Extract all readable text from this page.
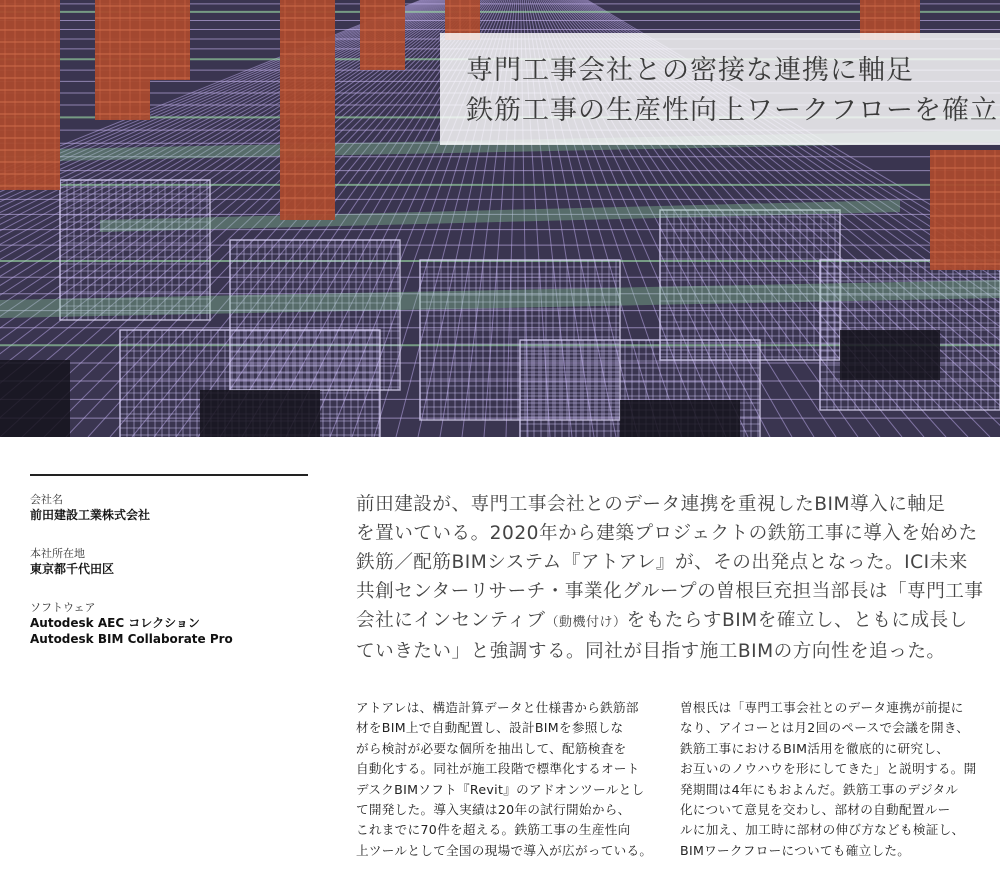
専門工事会社との密接な連携に軸足
鉄筋工事の生産性向上ワークフローを確立
会社名
前田建設工業株式会社
本社所在地
東京都千代田区
ソフトウェア
Autodesk AEC コレクション
Autodesk BIM Collaborate Pro

前田建設が、専門工事会社とのデータ連携を重視したBIM導入に軸足

を置いている。2020年から建築プロジェクトの鉄筋工事に導入を始めた

鉄筋／配筋BIMシステム『アトアレ』が、その出発点となった。ICI未来

共創センターリサーチ・事業化グループの曽根巨充担当部長は「専門工事

会社にインセンティブ（動機付け）をもたらすBIMを確立し、ともに成長し

ていきたい」と強調する。同社が目指す施工BIMの方向性を追った。

アトアレは、構造計算データと仕様書から鉄筋部

材をBIM上で自動配置し、設計BIMを参照しな

がら検討が必要な個所を抽出して、配筋検査を

自動化する。同社が施工段階で標準化するオート

デスクBIMソフト『Revit』のアドオンツールとし

て開発した。導入実績は20年の試行開始から、

これまでに70件を超える。鉄筋工事の生産性向

上ツールとして全国の現場で導入が広がっている。

曽根氏は「専門工事会社とのデータ連携が前提に

なり、アイコーとは月2回のペースで会議を開き、

鉄筋工事におけるBIM活用を徹底的に研究し、

お互いのノウハウを形にしてきた」と説明する。開

発期間は4年にもおよんだ。鉄筋工事のデジタル

化について意見を交わし、部材の自動配置ルー

ルに加え、加工時に部材の伸び方なども検証し、

BIMワークフローについても確立した。
